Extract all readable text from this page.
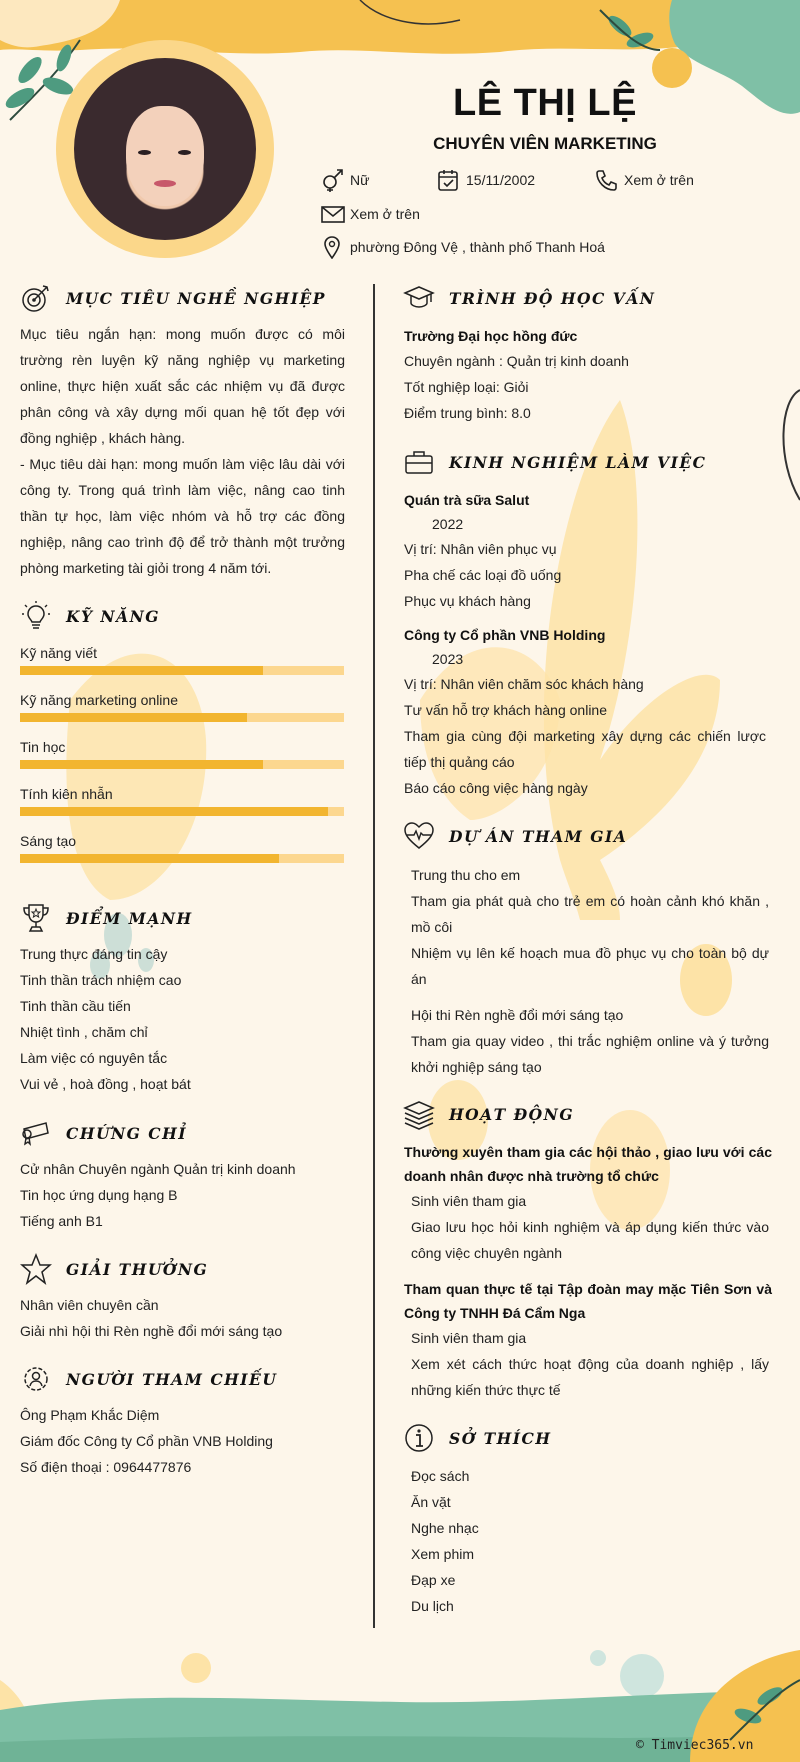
LÊ THỊ LỆ
CHUYÊN VIÊN MARKETING
Nữ	15/11/2002	Xem ở trên
Xem ở trên
phường Đông Vệ , thành phố Thanh Hoá
MỤC TIÊU NGHỀ NGHIỆP
Mục tiêu ngắn hạn: mong muốn được có môi trường rèn luyện kỹ năng nghiệp vụ marketing online, thực hiện xuất sắc các nhiệm vụ đã được phân công và xây dựng mối quan hệ tốt đẹp với đồng nghiệp , khách hàng.
- Mục tiêu dài hạn: mong muốn làm việc lâu dài với công ty. Trong quá trình làm việc, nâng cao tinh thần tự học, làm việc nhóm và hỗ trợ các đồng nghiệp, nâng cao trình độ để trở thành một trưởng phòng marketing tài giỏi trong 4 năm tới.
KỸ NĂNG
Kỹ năng viết
Kỹ năng marketing online
Tin học
Tính kiên nhẫn
Sáng tạo
ĐIỂM MẠNH
Trung thực đáng tin cậy
Tinh thần trách nhiệm cao
Tinh thần cầu tiến
Nhiệt tình , chăm chỉ
Làm việc có nguyên tắc
Vui vẻ , hoà đồng , hoạt bát
CHỨNG CHỈ
Cử nhân Chuyên ngành Quản trị kinh doanh
Tin học ứng dụng hạng B
Tiếng anh B1
GIẢI THƯỞNG
Nhân viên chuyên cần
Giải nhì hội thi Rèn nghề đổi mới sáng tạo
NGƯỜI THAM CHIẾU
Ông Phạm Khắc Diệm
Giám đốc Công ty Cổ phần VNB Holding
Số điện thoại : 0964477876
TRÌNH ĐỘ HỌC VẤN
Trường Đại học hồng đức
Chuyên ngành : Quản trị kinh doanh
Tốt nghiệp loại: Giỏi
Điểm trung bình: 8.0
KINH NGHIỆM LÀM VIỆC
Quán trà sữa Salut
2022
Vị trí: Nhân viên phục vụ
Pha chế các loại đồ uống
Phục vụ khách hàng
Công ty Cổ phần VNB Holding
2023
Vị trí: Nhân viên chăm sóc khách hàng
Tư vấn hỗ trợ khách hàng online
Tham gia cùng đội marketing xây dựng các chiến lược tiếp thị quảng cáo
Báo cáo công việc hàng ngày
DỰ ÁN THAM GIA
Trung thu cho em
Tham gia phát quà cho trẻ em có hoàn cảnh khó khăn , mồ côi
Nhiệm vụ lên kế hoạch mua đồ phục vụ cho toàn bộ dự án
Hội thi Rèn nghề đổi mới sáng tạo
Tham gia quay video , thi trắc nghiệm online và ý tưởng khởi nghiệp sáng tạo
HOẠT ĐỘNG
Thường xuyên tham gia các hội thảo , giao lưu với các doanh nhân được nhà trường tổ chức
Sinh viên tham gia
Giao lưu học hỏi kinh nghiệm và áp dụng kiến thức vào công việc chuyên ngành
Tham quan thực tế tại Tập đoàn may mặc Tiên Sơn và Công ty TNHH Đá Cẩm Nga
Sinh viên tham gia
Xem xét cách thức hoạt động của doanh nghiệp , lấy những kiến thức thực tế
SỞ THÍCH
Đọc sách
Ăn vặt
Nghe nhạc
Xem phim
Đạp xe
Du lịch
© Timviec365.vn
